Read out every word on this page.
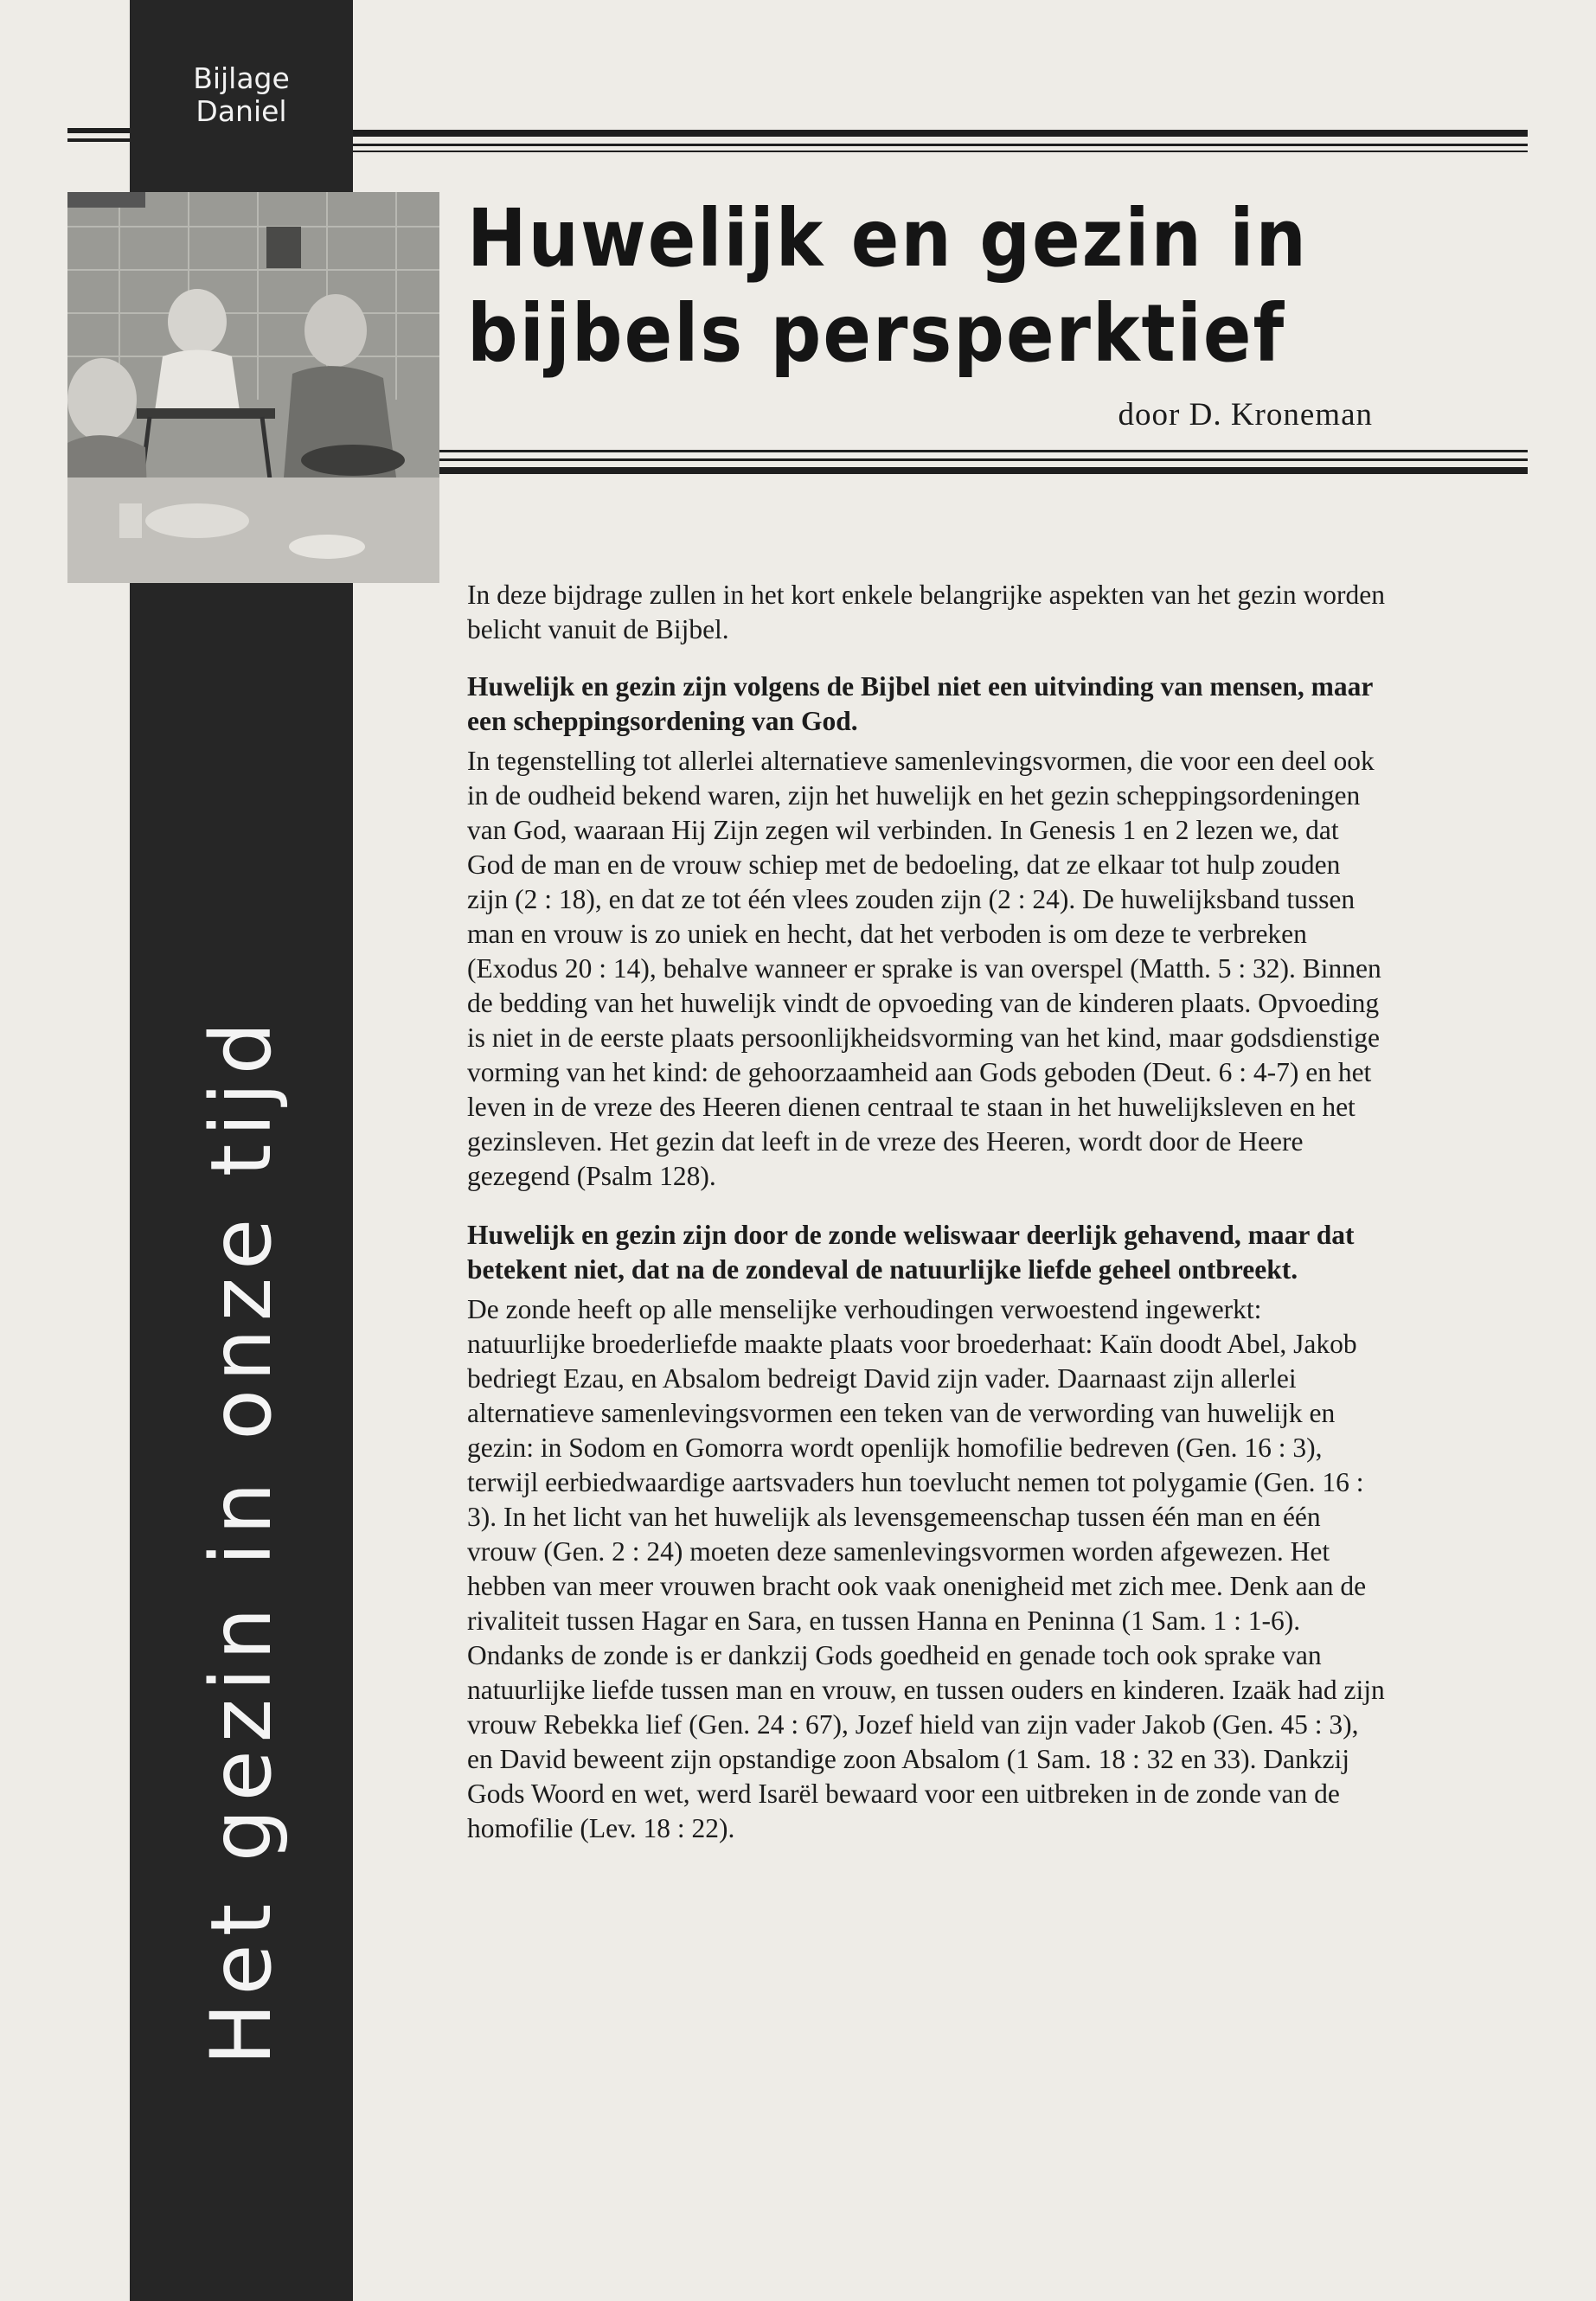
Bijlage
Daniel
Het gezin in onze tijd
Huwelijk en gezin in
bijbels persperktief
door D. Kroneman

In deze bijdrage zullen in het kort enkele belangrijke aspekten van het gezin worden belicht vanuit de Bijbel.

Huwelijk en gezin zijn volgens de Bijbel niet een uitvinding van mensen, maar een scheppingsordening van God.

In tegenstelling tot allerlei alternatieve samenlevingsvormen, die voor een deel ook in de oudheid bekend waren, zijn het huwelijk en het gezin scheppingsordeningen van God, waaraan Hij Zijn zegen wil verbinden. In Genesis 1 en 2 lezen we, dat God de man en de vrouw schiep met de bedoeling, dat ze elkaar tot hulp zouden zijn (2 : 18), en dat ze tot één vlees zouden zijn (2 : 24). De huwelijksband tussen man en vrouw is zo uniek en hecht, dat het verboden is om deze te verbreken (Exodus 20 : 14), behalve wanneer er sprake is van overspel (Matth. 5 : 32). Binnen de bedding van het huwelijk vindt de opvoeding van de kinderen plaats. Opvoeding is niet in de eerste plaats persoonlijkheidsvorming van het kind, maar godsdienstige vorming van het kind: de gehoorzaamheid aan Gods geboden (Deut. 6 : 4-7) en het leven in de vreze des Heeren dienen centraal te staan in het huwelijksleven en het gezinsleven. Het gezin dat leeft in de vreze des Heeren, wordt door de Heere gezegend (Psalm 128).

Huwelijk en gezin zijn door de zonde weliswaar deerlijk gehavend, maar dat betekent niet, dat na de zondeval de natuurlijke liefde geheel ontbreekt.

De zonde heeft op alle menselijke verhoudingen verwoestend ingewerkt: natuurlijke broederliefde maakte plaats voor broederhaat: Kaïn doodt Abel, Jakob bedriegt Ezau, en Absalom bedreigt David zijn vader. Daarnaast zijn allerlei alternatieve samenlevingsvormen een teken van de verwording van huwelijk en gezin: in Sodom en Gomorra wordt openlijk homofilie bedreven (Gen. 16 : 3), terwijl eerbiedwaardige aartsvaders hun toevlucht nemen tot polygamie (Gen. 16 : 3). In het licht van het huwelijk als levensgemeenschap tussen één man en één vrouw (Gen. 2 : 24) moeten deze samenlevingsvormen worden afgewezen. Het hebben van meer vrouwen bracht ook vaak onenigheid met zich mee. Denk aan de rivaliteit tussen Hagar en Sara, en tussen Hanna en Peninna (1 Sam. 1 : 1-6).

Ondanks de zonde is er dankzij Gods goedheid en genade toch ook sprake van natuurlijke liefde tussen man en vrouw, en tussen ouders en kinderen. Izaäk had zijn vrouw Rebekka lief (Gen. 24 : 67), Jozef hield van zijn vader Jakob (Gen. 45 : 3), en David beweent zijn opstandige zoon Absalom (1 Sam. 18 : 32 en 33). Dankzij Gods Woord en wet, werd Isarël bewaard voor een uitbreken in de zonde van de homofilie (Lev. 18 : 22).
